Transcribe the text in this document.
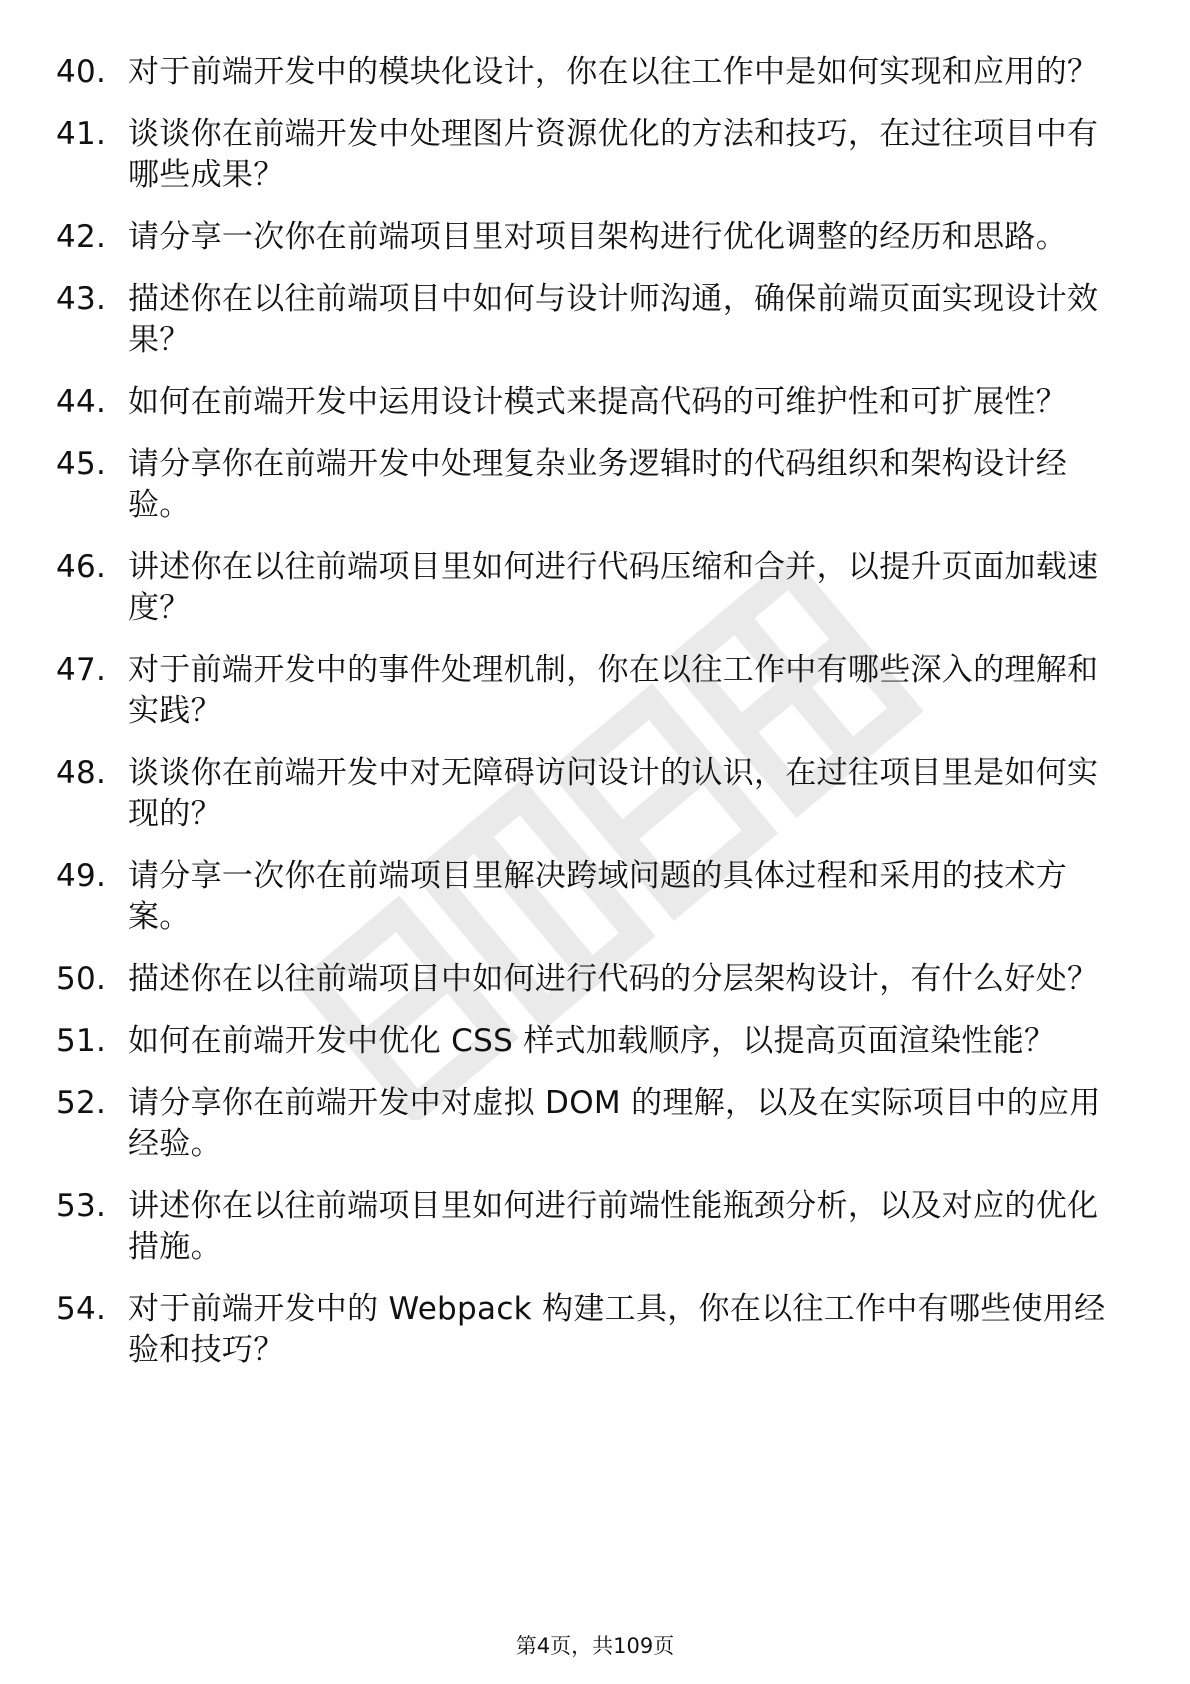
40. 对于前端开发中的模块化设计，你在以往工作中是如何实现和应用的？
41. 谈谈你在前端开发中处理图片资源优化的方法和技巧，在过往项目中有哪些成果？
42. 请分享一次你在前端项目里对项目架构进行优化调整的经历和思路。
43. 描述你在以往前端项目中如何与设计师沟通，确保前端页面实现设计效果？
44. 如何在前端开发中运用设计模式来提高代码的可维护性和可扩展性？
45. 请分享你在前端开发中处理复杂业务逻辑时的代码组织和架构设计经验。
46. 讲述你在以往前端项目里如何进行代码压缩和合并，以提升页面加载速度？
47. 对于前端开发中的事件处理机制，你在以往工作中有哪些深入的理解和实践？
48. 谈谈你在前端开发中对无障碍访问设计的认识，在过往项目里是如何实现的？
49. 请分享一次你在前端项目里解决跨域问题的具体过程和采用的技术方案。
50. 描述你在以往前端项目中如何进行代码的分层架构设计，有什么好处？
51. 如何在前端开发中优化 CSS 样式加载顺序，以提高页面渲染性能？
52. 请分享你在前端开发中对虚拟 DOM 的理解，以及在实际项目中的应用经验。
53. 讲述你在以往前端项目里如何进行前端性能瓶颈分析，以及对应的优化措施。
54. 对于前端开发中的 Webpack 构建工具，你在以往工作中有哪些使用经验和技巧？
第4页，共109页
